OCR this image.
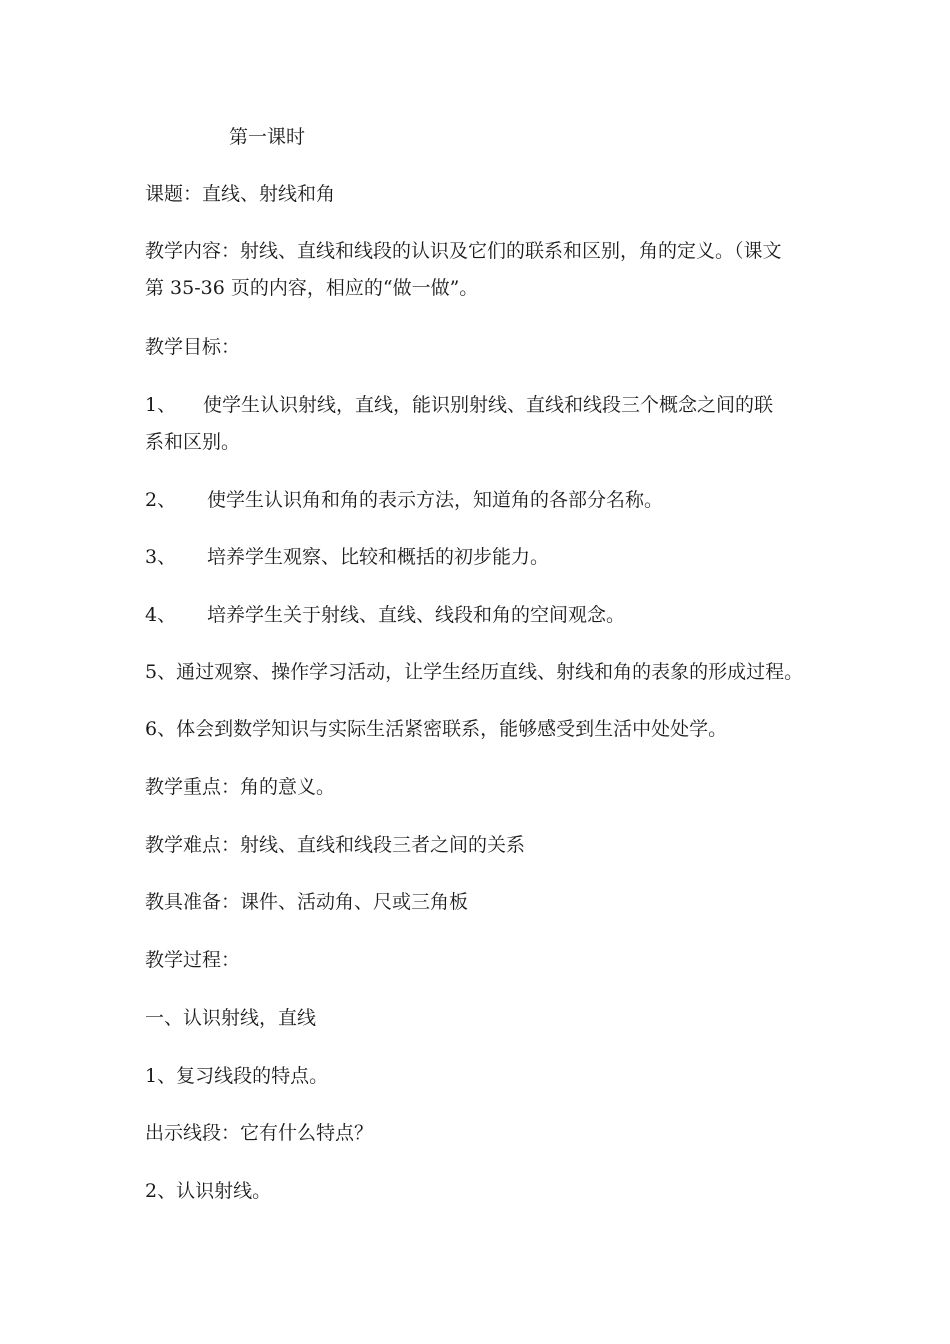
第一课时
课题：直线、射线和角
教学内容：射线、直线和线段的认识及它们的联系和区别，角的定义。（课文
第 35-36 页的内容，相应的“做一做”。
教学目标：
1、 使学生认识射线，直线，能识别射线、直线和线段三个概念之间的联
系和区别。
2、 使学生认识角和角的表示方法，知道角的各部分名称。
3、 培养学生观察、比较和概括的初步能力。
4、 培养学生关于射线、直线、线段和角的空间观念。
5、通过观察、操作学习活动，让学生经历直线、射线和角的表象的形成过程。
6、体会到数学知识与实际生活紧密联系，能够感受到生活中处处学。
教学重点：角的意义。
教学难点：射线、直线和线段三者之间的关系
教具准备：课件、活动角、尺或三角板
教学过程：
一、认识射线，直线
1、复习线段的特点。
出示线段：它有什么特点？
2、认识射线。
